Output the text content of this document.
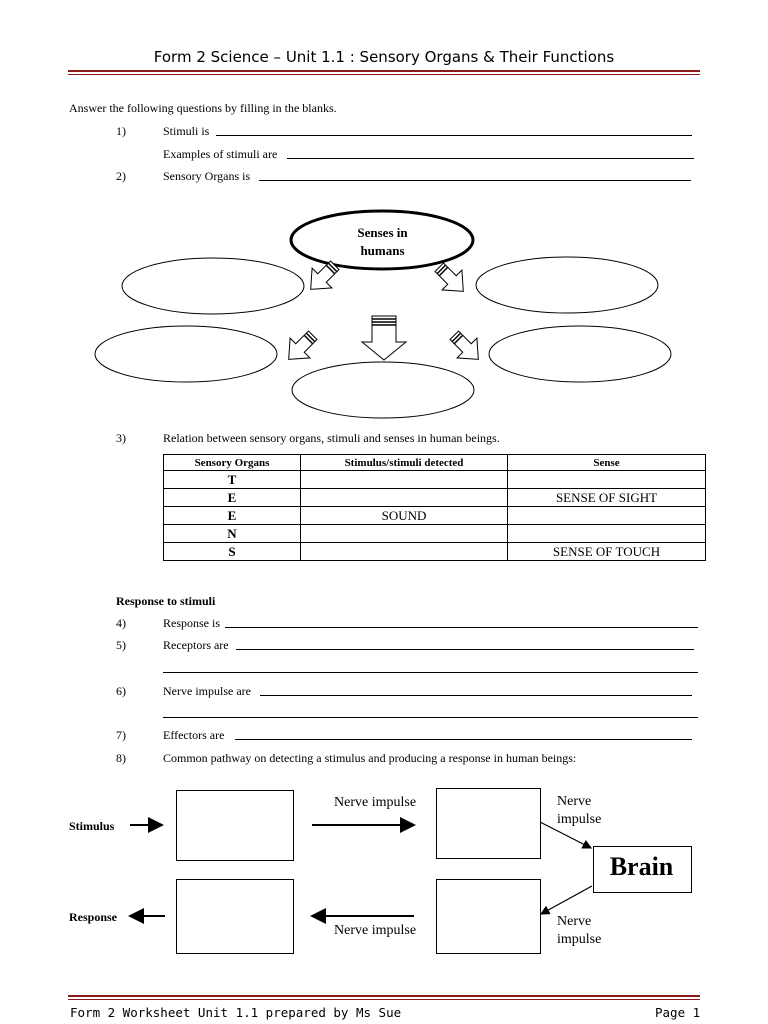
Form 2 Science – Unit 1.1 : Sensory Organs & Their Functions
Answer the following questions by filling in the blanks.
1)	Stimuli is
Examples of stimuli are
2)	Sensory Organs is
Senses in
humans
3)	Relation between sensory organs, stimuli and senses in human beings.
Sensory Organs	Stimulus/stimuli detected	Sense
T		
E		SENSE OF SIGHT
E	SOUND	
N		
S		SENSE OF TOUCH
Response to stimuli
4)	Response is
5)	Receptors are
6)	Nerve impulse are
7)	Effectors are
8)	Common pathway on detecting a stimulus and producing a response in human beings:
Brain
Stimulus
Response
Nerve impulse
Nerve impulse
Nerve
impulse
Nerve
impulse
Form 2 Worksheet Unit 1.1 prepared by Ms Sue	Page 1
